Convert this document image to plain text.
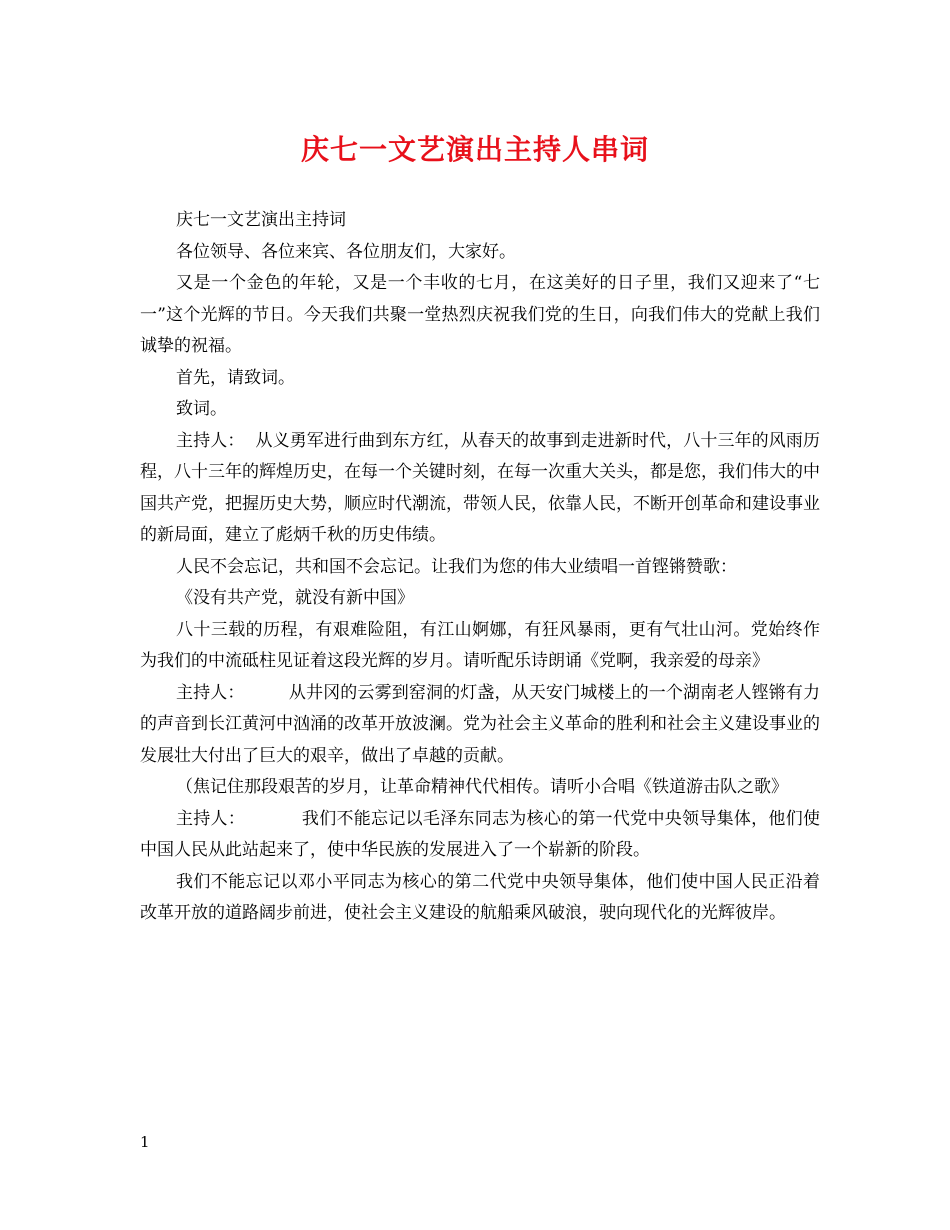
庆七一文艺演出主持人串词

庆七一文艺演出主持词

各位领导、各位来宾、各位朋友们，大家好。

又是一个金色的年轮，又是一个丰收的七月，在这美好的日子里，我们又迎来了“七一”这个光辉的节日。今天我们共聚一堂热烈庆祝我们党的生日，向我们伟大的党献上我们诚挚的祝福。

首先，请致词。

致词。

主持人：  从义勇军进行曲到东方红，从春天的故事到走进新时代，八十三年的风雨历程，八十三年的辉煌历史，在每一个关键时刻，在每一次重大关头，都是您，我们伟大的中国共产党，把握历史大势，顺应时代潮流，带领人民，依靠人民，不断开创革命和建设事业的新局面，建立了彪炳千秋的历史伟绩。

人民不会忘记，共和国不会忘记。让我们为您的伟大业绩唱一首铿锵赞歌：

《没有共产党，就没有新中国》

八十三载的历程，有艰难险阻，有江山婀娜，有狂风暴雨，更有气壮山河。党始终作为我们的中流砥柱见证着这段光辉的岁月。请听配乐诗朗诵《党啊，我亲爱的母亲》

主持人：        从井冈的云雾到窑洞的灯盏，从天安门城楼上的一个湖南老人铿锵有力的声音到长江黄河中汹涌的改革开放波澜。党为社会主义革命的胜利和社会主义建设事业的发展壮大付出了巨大的艰辛，做出了卓越的贡献。

（焦记住那段艰苦的岁月，让革命精神代代相传。请听小合唱《铁道游击队之歌》

主持人：          我们不能忘记以毛泽东同志为核心的第一代党中央领导集体，他们使中国人民从此站起来了，使中华民族的发展进入了一个崭新的阶段。

我们不能忘记以邓小平同志为核心的第二代党中央领导集体，他们使中国人民正沿着改革开放的道路阔步前进，使社会主义建设的航船乘风破浪，驶向现代化的光辉彼岸。

1
